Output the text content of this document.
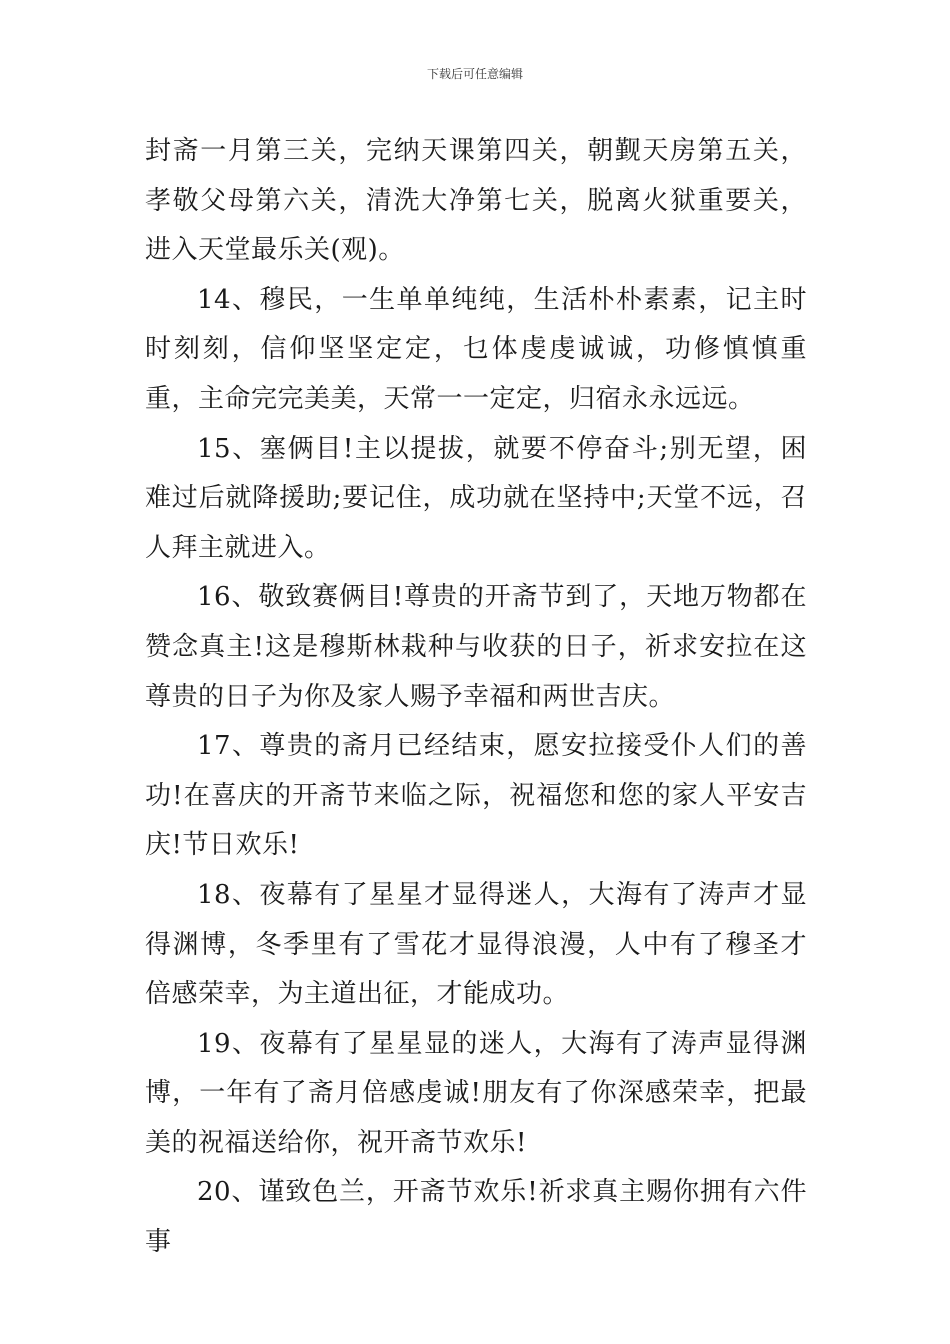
下载后可任意编辑

封斋一月第三关，完纳天课第四关，朝觐天房第五关，孝敬父母第六关，清洗大净第七关，脱离火狱重要关，进入天堂最乐关(观)。

14、穆民，一生单单纯纯，生活朴朴素素，记主时时刻刻，信仰坚坚定定，乜体虔虔诚诚，功修慎慎重重，主命完完美美，天常一一定定，归宿永永远远。

15、塞俩目!主以提拔，就要不停奋斗;别无望，困难过后就降援助;要记住，成功就在坚持中;天堂不远，召人拜主就进入。

16、敬致赛俩目!尊贵的开斋节到了，天地万物都在赞念真主!这是穆斯林栽种与收获的日子，祈求安拉在这尊贵的日子为你及家人赐予幸福和两世吉庆。

17、尊贵的斋月已经结束，愿安拉接受仆人们的善功!在喜庆的开斋节来临之际，祝福您和您的家人平安吉庆!节日欢乐!

18、夜幕有了星星才显得迷人，大海有了涛声才显得渊博，冬季里有了雪花才显得浪漫，人中有了穆圣才倍感荣幸，为主道出征，才能成功。

19、夜幕有了星星显的迷人，大海有了涛声显得渊博，一年有了斋月倍感虔诚!朋友有了你深感荣幸，把最美的祝福送给你，祝开斋节欢乐!

20、谨致色兰，开斋节欢乐!祈求真主赐你拥有六件事
